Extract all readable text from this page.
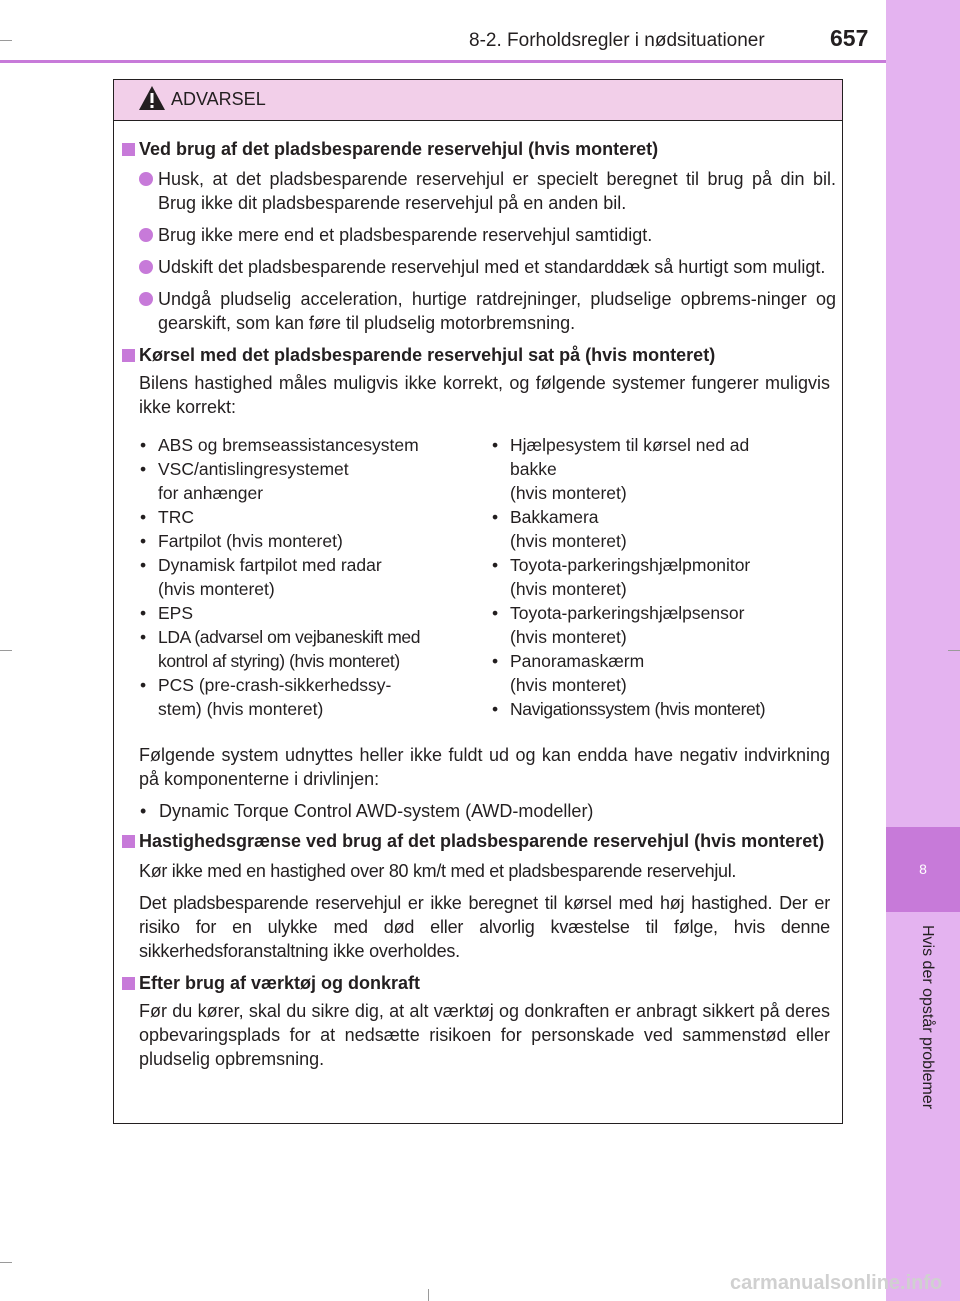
8
Hvis der opstår problemer
8-2. Forholdsregler i nødsituationer	657
ADVARSEL
Ved brug af det pladsbesparende reservehjul (hvis monteret)
Husk, at det pladsbesparende reservehjul er specielt beregnet til brug på din bil. Brug ikke dit pladsbesparende reservehjul på en anden bil.
Brug ikke mere end et pladsbesparende reservehjul samtidigt.
Udskift det pladsbesparende reservehjul med et standarddæk så hurtigt som muligt.
Undgå pludselig acceleration, hurtige ratdrejninger, pludselige opbrems-ninger og gearskift, som kan føre til pludselig motorbremsning.
Kørsel med det pladsbesparende reservehjul sat på (hvis monteret)
Bilens hastighed måles muligvis ikke korrekt, og følgende systemer fungerer muligvis ikke korrekt:
• ABS og bremseassistancesystem
• VSC/antislingresystemet
for anhænger
• TRC
• Fartpilot (hvis monteret)
• Dynamisk fartpilot med radar
(hvis monteret)
• EPS
• LDA (advarsel om vejbaneskift med
kontrol af styring) (hvis monteret)
• PCS (pre-crash-sikkerhedssy-
stem) (hvis monteret)
• Hjælpesystem til kørsel ned ad
bakke
(hvis monteret)
• Bakkamera
(hvis monteret)
• Toyota-parkeringshjælpmonitor
(hvis monteret)
• Toyota-parkeringshjælpsensor
(hvis monteret)
• Panoramaskærm
(hvis monteret)
• Navigationssystem (hvis monteret)
Følgende system udnyttes heller ikke fuldt ud og kan endda have negativ indvirkning på komponenterne i drivlinjen:
• Dynamic Torque Control AWD-system (AWD-modeller)
Hastighedsgrænse ved brug af det pladsbesparende reservehjul (hvis monteret)
Kør ikke med en hastighed over 80 km/t med et pladsbesparende reservehjul.
Det pladsbesparende reservehjul er ikke beregnet til kørsel med høj hastighed. Der er risiko for en ulykke med død eller alvorlig kvæstelse til følge, hvis denne sikkerhedsforanstaltning ikke overholdes.
Efter brug af værktøj og donkraft
Før du kører, skal du sikre dig, at alt værktøj og donkraften er anbragt sikkert på deres opbevaringsplads for at nedsætte risikoen for personskade ved sammenstød eller pludselig opbremsning.
carmanualsonline.info
